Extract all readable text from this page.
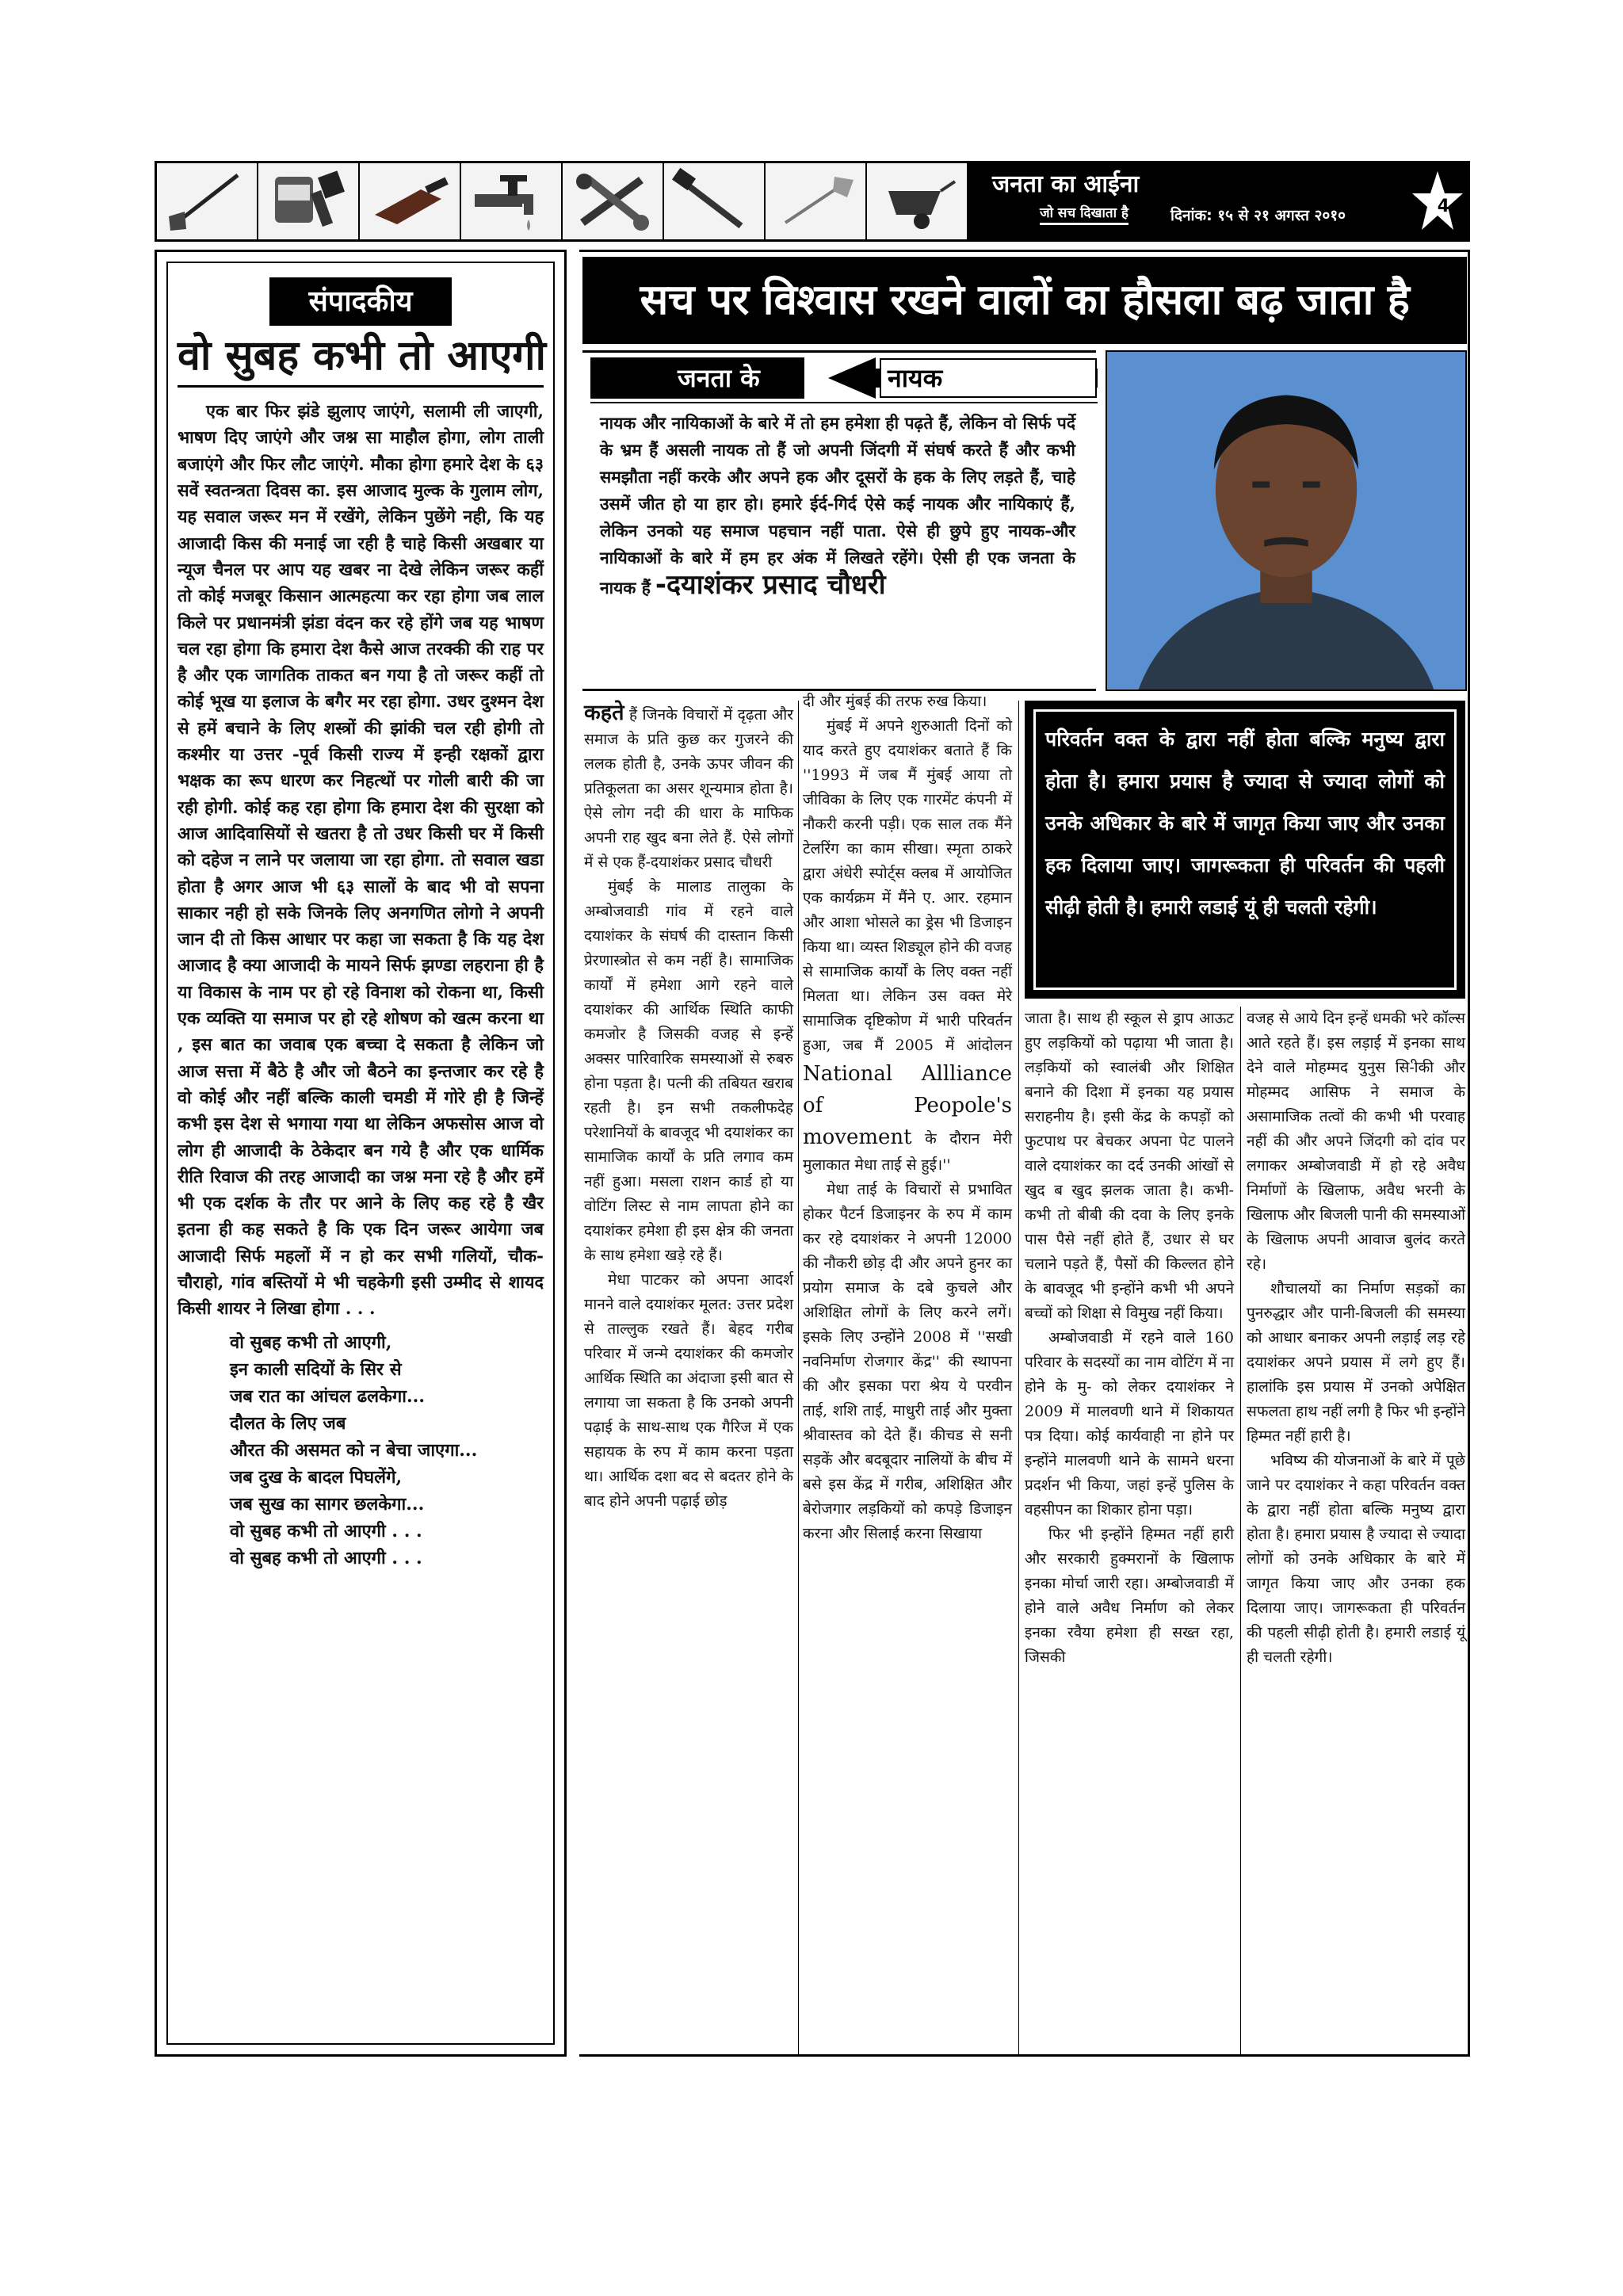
जनता का आईना
जो सच दिखाता है	दिनांक: १५ से २१ अगस्त २०१०	4
संपादकीय
वो सुबह कभी तो आएगी

एक बार फिर झंडे झुलाए जाएंगे, सलामी ली जाएगी, भाषण दिए जाएंगे और जश्न सा माहौल होगा, लोग ताली बजाएंगे और फिर लौट जाएंगे. मौका होगा हमारे देश के ६३ सवें स्वतन्त्रता दिवस का. इस आजाद मुल्क के गुलाम लोग, यह सवाल जरूर मन में रखेंगे, लेकिन पुछेंगे नही, कि यह आजादी किस की मनाई जा रही है चाहे किसी अखबार या न्यूज चैनल पर आप यह खबर ना देखे लेकिन जरूर कहीं तो कोई मजबूर किसान आत्महत्या कर रहा होगा जब लाल किले पर प्रधानमंत्री झंडा वंदन कर रहे होंगे जब यह भाषण चल रहा होगा कि हमारा देश कैसे आज तरक्की की राह पर है और एक जागतिक ताकत बन गया है तो जरूर कहीं तो कोई भूख या इलाज के बगैर मर रहा होगा. उधर दुश्मन देश से हमें बचाने के लिए शस्त्रों की झांकी चल रही होगी तो कश्मीर या उत्तर -पूर्व किसी राज्य में इन्ही रक्षकों द्वारा भक्षक का रूप धारण कर निहत्थों पर गोली बारी की जा रही होगी. कोई कह रहा होगा कि हमारा देश की सुरक्षा को आज आदिवासियों से खतरा है तो उधर किसी घर में किसी को दहेज न लाने पर जलाया जा रहा होगा. तो सवाल खडा होता है अगर आज भी ६३ सालों के बाद भी वो सपना साकार नही हो सके जिनके लिए अनगणित लोगो ने अपनी जान दी तो किस आधार पर कहा जा सकता है कि यह देश आजाद है क्या आजादी के मायने सिर्फ झण्डा लहराना ही है या विकास के नाम पर हो रहे विनाश को रोकना था, किसी एक व्यक्ति या समाज पर हो रहे शोषण को खत्म करना था , इस बात का जवाब एक बच्चा दे सकता है लेकिन जो आज सत्ता में बैठे है और जो बैठने का इन्तजार कर रहे है वो कोई और नहीं बल्कि काली चमडी में गोरे ही है जिन्हें कभी इस देश से भगाया गया था लेकिन अफसोस आज वो लोग ही आजादी के ठेकेदार बन गये है और एक धार्मिक रीति रिवाज की तरह आजादी का जश्न मना रहे है और हमें भी एक दर्शक के तौर पर आने के लिए कह रहे है खैर इतना ही कह सकते है कि एक दिन जरूर आयेगा जब आजादी सिर्फ महलों में न हो कर सभी गलियों, चौक-चौराहो, गांव बस्तियों मे भी चहकेगी इसी उम्मीद से शायद किसी शायर ने लिखा होगा . . .

वो सुबह कभी तो आएगी,
इन काली सदियों के सिर से
जब रात का आंचल ढलकेगा...
दौलत के लिए जब
औरत की असमत को न बेचा जाएगा...
जब दुख के बादल पिघलेंगे,
जब सुख का सागर छलकेगा...
वो सुबह कभी तो आएगी . . .
वो सुबह कभी तो आएगी . . .
सच पर विश्वास रखने वालों का हौसला बढ़ जाता है
जनता के	नायक

नायक और नायिकाओं के बारे में तो हम हमेशा ही पढ़ते हैं, लेकिन वो सिर्फ पर्दे के भ्रम हैं असली नायक तो हैं जो अपनी जिंदगी में संघर्ष करते हैं और कभी समझौता नहीं करके और अपने हक और दूसरों के हक के लिए लड़ते हैं, चाहे उसमें जीत हो या हार हो। हमारे ईर्द-गिर्द ऐसे कई नायक और नायिकाएं हैं, लेकिन उनको यह समाज पहचान नहीं पाता. ऐसे ही छुपे हुए नायक-और नायिकाओं के बारे में हम हर अंक में लिखते रहेंगे। ऐसी ही एक जनता के नायक हैं -दयाशंकर प्रसाद चौधरी

कहते हैं जिनके विचारों में दृढ़ता और समाज के प्रति कुछ कर गुजरने की ललक होती है, उनके ऊपर जीवन की प्रतिकूलता का असर शून्यमात्र होता है। ऐसे लोग नदी की धारा के माफिक अपनी राह खुद बना लेते हैं. ऐसे लोगों में से एक हैं-दयाशंकर प्रसाद चौधरी

मुंबई के मालाड तालुका के अम्बोजवाडी गांव में रहने वाले दयाशंकर के संघर्ष की दास्तान किसी प्रेरणास्त्रोत से कम नहीं है। सामाजिक कार्यों में हमेशा आगे रहने वाले दयाशंकर की आर्थिक स्थिति काफी कमजोर है जिसकी वजह से इन्हें अक्सर पारिवारिक समस्याओं से रुबरु होना पड़ता है। पत्नी की तबियत खराब रहती है। इन सभी तकलीफदेह परेशानियों के बावजूद भी दयाशंकर का सामाजिक कार्यों के प्रति लगाव कम नहीं हुआ। मसला राशन कार्ड हो या वोटिंग लिस्ट से नाम लापता होने का दयाशंकर हमेशा ही इस क्षेत्र की जनता के साथ हमेशा खड़े रहे हैं।

मेधा पाटकर को अपना आदर्श मानने वाले दयाशंकर मूलत: उत्तर प्रदेश से ताल्लुक रखते हैं। बेहद गरीब परिवार में जन्मे दयाशंकर की कमजोर आर्थिक स्थिति का अंदाजा इसी बात से लगाया जा सकता है कि उनको अपनी पढ़ाई के साथ-साथ एक गैरिज में एक सहायक के रुप में काम करना पड़ता था। आर्थिक दशा बद से बदतर होने के बाद होने अपनी पढ़ाई छोड़

दी और मुंबई की तरफ रुख किया।

मुंबई में अपने शुरुआती दिनों को याद करते हुए दयाशंकर बताते हैं कि ''1993 में जब मैं मुंबई आया तो जीविका के लिए एक गारमेंट कंपनी में नौकरी करनी पड़ी। एक साल तक मैंने टेलरिंग का काम सीखा। स्मृता ठाकरे द्वारा अंधेरी स्पोर्ट्स क्लब में आयोजित एक कार्यक्रम में मैंने ए. आर. रहमान और आशा भोसले का ड्रेस भी डिजाइन किया था। व्यस्त शिड्यूल होने की वजह से सामाजिक कार्यों के लिए वक्त नहीं मिलता था। लेकिन उस वक्त मेरे सामाजिक दृष्टिकोण में भारी परिवर्तन हुआ, जब मैं 2005 में आंदोलन National Allliance of Peopole's movement के दौरान मेरी मुलाकात मेधा ताई से हुई।''

मेधा ताई के विचारों से प्रभावित होकर पैटर्न डिजाइनर के रुप में काम कर रहे दयाशंकर ने अपनी 12000 की नौकरी छोड़ दी और अपने हुनर का प्रयोग समाज के दबे कुचले और अशिक्षित लोगों के लिए करने लगें। इसके लिए उन्होंने 2008 में ''सखी नवनिर्माण रोजगार केंद्र'' की स्थापना की और इसका परा श्रेय ये परवीन ताई, शशि ताई, माधुरी ताई और मुक्ता श्रीवास्तव को देते हैं। कीचड से सनी सड़कें और बदबूदार नालियों के बीच में बसे इस केंद्र में गरीब, अशिक्षित और बेरोजगार लड़कियों को कपड़े डिजाइन करना और सिलाई करना सिखाया

परिवर्तन वक्त के द्वारा नहीं होता बल्कि मनुष्य द्वारा होता है। हमारा प्रयास है ज्यादा से ज्यादा लोगों को उनके अधिकार के बारे में जागृत किया जाए और उनका हक दिलाया जाए। जागरूकता ही परिवर्तन की पहली सीढ़ी होती है। हमारी लडाई यूं ही चलती रहेगी।

जाता है। साथ ही स्कूल से ड्राप आऊट हुए लड़कियों को पढ़ाया भी जाता है। लड़कियों को स्वालंबी और शिक्षित बनाने की दिशा में इनका यह प्रयास सराहनीय है। इसी केंद्र के कपड़ों को फुटपाथ पर बेचकर अपना पेट पालने वाले दयाशंकर का दर्द उनकी आंखों से खुद ब खुद झलक जाता है। कभी-कभी तो बीबी की दवा के लिए इनके पास पैसे नहीं होते हैं, उधार से घर चलाने पड़ते हैं, पैसों की किल्लत होने के बावजूद भी इन्होंने कभी भी अपने बच्चों को शिक्षा से विमुख नहीं किया।

अम्बोजवाडी में रहने वाले 160 परिवार के सदस्यों का नाम वोटिंग में ना होने के मु- को लेकर दयाशंकर ने 2009 में मालवणी थाने में शिकायत पत्र दिया। कोई कार्यवाही ना होने पर इन्होंने मालवणी थाने के सामने धरना प्रदर्शन भी किया, जहां इन्हें पुलिस के वहसीपन का शिकार होना पड़ा।

फिर भी इन्होंने हिम्मत नहीं हारी और सरकारी हुक्मरानों के खिलाफ इनका मोर्चा जारी रहा। अम्बोजवाडी में होने वाले अवैध निर्माण को लेकर इनका रवैया हमेशा ही सख्त रहा, जिसकी

वजह से आये दिन इन्हें धमकी भरे कॉल्स आते रहते हैं। इस लड़ाई में इनका साथ देने वाले मोहम्मद युनुस सि-ीकी और मोहम्मद आसिफ ने समाज के असामाजिक तत्वों की कभी भी परवाह नहीं की और अपने जिंदगी को दांव पर लगाकर अम्बोजवाडी में हो रहे अवैध निर्माणों के खिलाफ, अवैध भरनी के खिलाफ और बिजली पानी की समस्याओं के खिलाफ अपनी आवाज बुलंद करते रहे।

शौचालयों का निर्माण सड़कों का पुनरुद्धार और पानी-बिजली की समस्या को आधार बनाकर अपनी लड़ाई लड़ रहे दयाशंकर अपने प्रयास में लगे हुए हैं। हालांकि इस प्रयास में उनको अपेक्षित सफलता हाथ नहीं लगी है फिर भी इन्होंने हिम्मत नहीं हारी है।

भविष्य की योजनाओं के बारे में पूछे जाने पर दयाशंकर ने कहा परिवर्तन वक्त के द्वारा नहीं होता बल्कि मनुष्य द्वारा होता है। हमारा प्रयास है ज्यादा से ज्यादा लोगों को उनके अधिकार के बारे में जागृत किया जाए और उनका हक दिलाया जाए। जागरूकता ही परिवर्तन की पहली सीढ़ी होती है। हमारी लडाई यूं ही चलती रहेगी।
